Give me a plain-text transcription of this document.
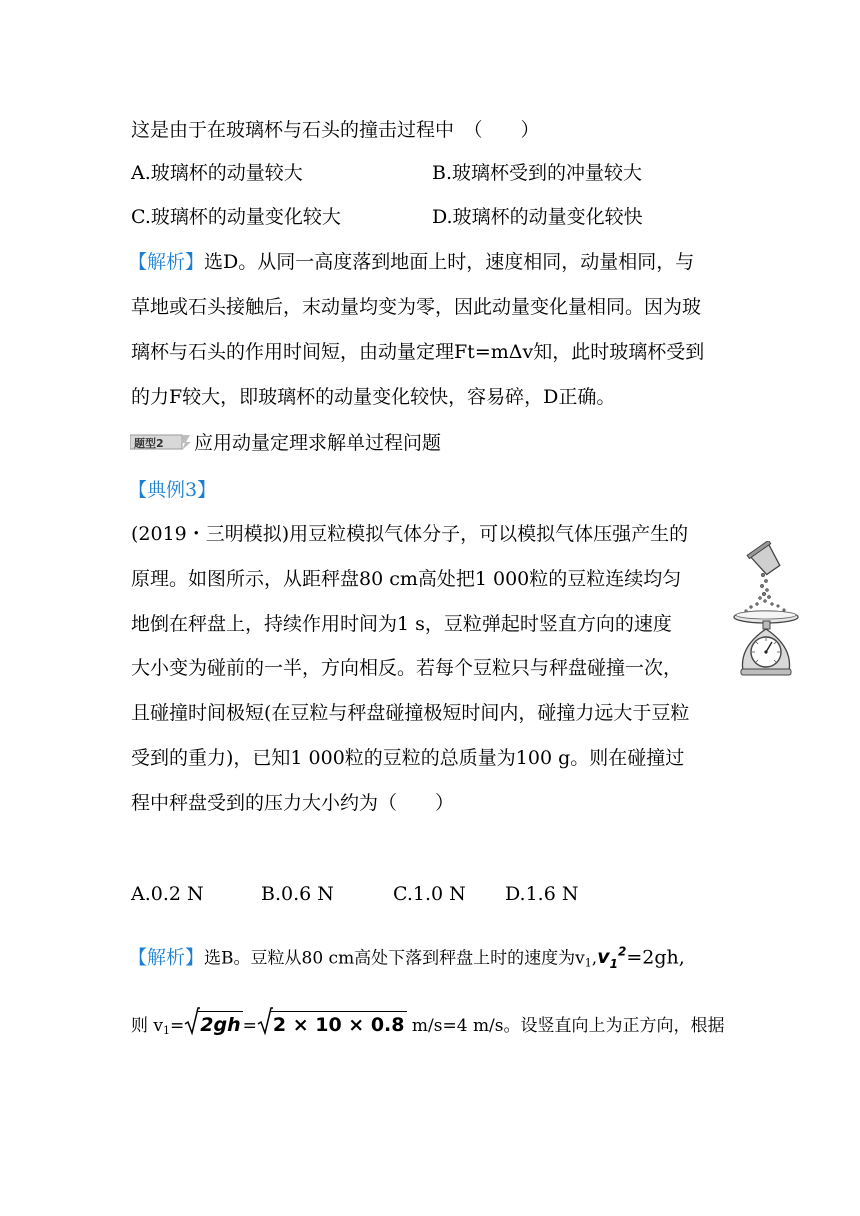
这是由于在玻璃杯与石头的撞击过程中　（　　）
A.玻璃杯的动量较大	B.玻璃杯受到的冲量较大
C.玻璃杯的动量变化较大	D.玻璃杯的动量变化较快
【解析】选D。从同一高度落到地面上时，速度相同，动量相同，与
草地或石头接触后，末动量均变为零，因此动量变化量相同。因为玻
璃杯与石头的作用时间短，由动量定理Ft=mΔv知，此时玻璃杯受到
的力F较大，即玻璃杯的动量变化较快，容易碎，D正确。
题型2 应用动量定理求解单过程问题
【典例3】
(2019・三明模拟)用豆粒模拟气体分子，可以模拟气体压强产生的
原理。如图所示，从距秤盘80 cm高处把1 000粒的豆粒连续均匀
地倒在秤盘上，持续作用时间为1 s，豆粒弹起时竖直方向的速度
大小变为碰前的一半，方向相反。若每个豆粒只与秤盘碰撞一次，
且碰撞时间极短(在豆粒与秤盘碰撞极短时间内，碰撞力远大于豆粒
受到的重力)，已知1 000粒的豆粒的总质量为100 g。则在碰撞过
程中秤盘受到的压力大小约为（　　）
A.0.2 N	B.0.6 N	C.1.0 N D.1.6 N
【解析】选B。豆粒从80 cm高处下落到秤盘上时的速度为$v_1,v_1^2=2gh$,
则 $v_1= 2gh = 2 \times 10 \times 0.8$ m/s=4 m/s。设竖直向上为正方向，根据
